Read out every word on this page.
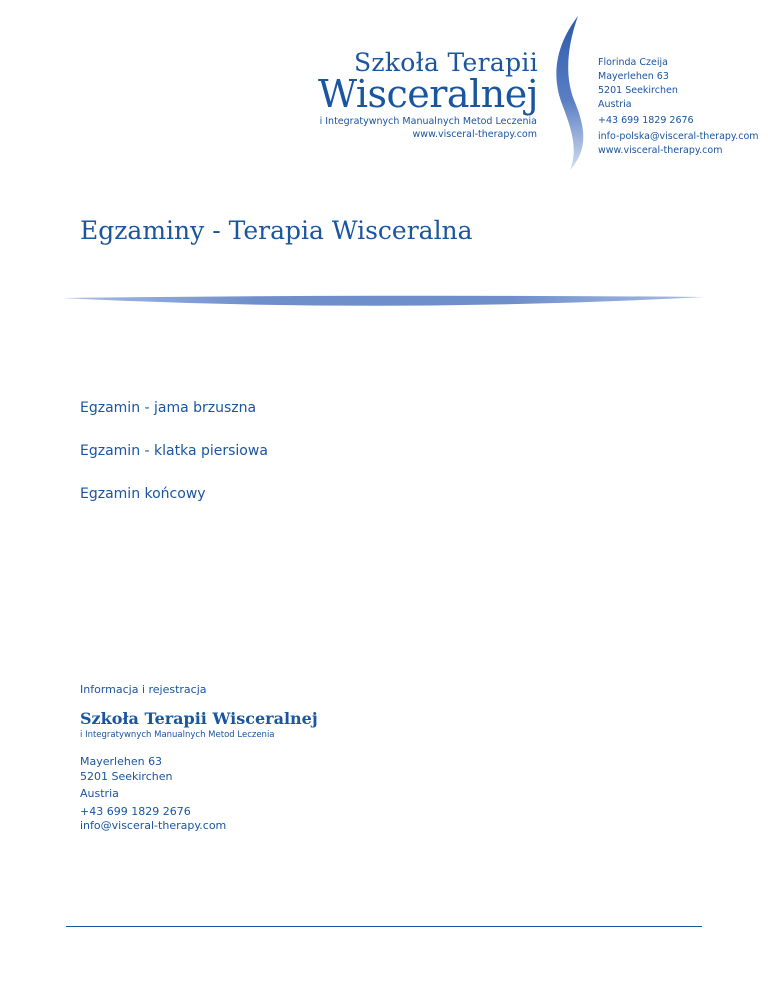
Szkoła Terapii
Wisceralnej
i Integratywnych Manualnych Metod Leczenia
www.visceral-therapy.com
Florinda Czeija
Mayerlehen 63
5201 Seekirchen
Austria
+43 699 1829 2676
info-polska@visceral-therapy.com
www.visceral-therapy.com
Egzaminy - Terapia Wisceralna
Egzamin - jama brzuszna
Egzamin - klatka piersiowa
Egzamin końcowy
Informacja i rejestracja
Szkoła Terapii Wisceralnej
i Integratywnych Manualnych Metod Leczenia
Mayerlehen 63
5201 Seekirchen
Austria
+43 699 1829 2676
info@visceral-therapy.com
